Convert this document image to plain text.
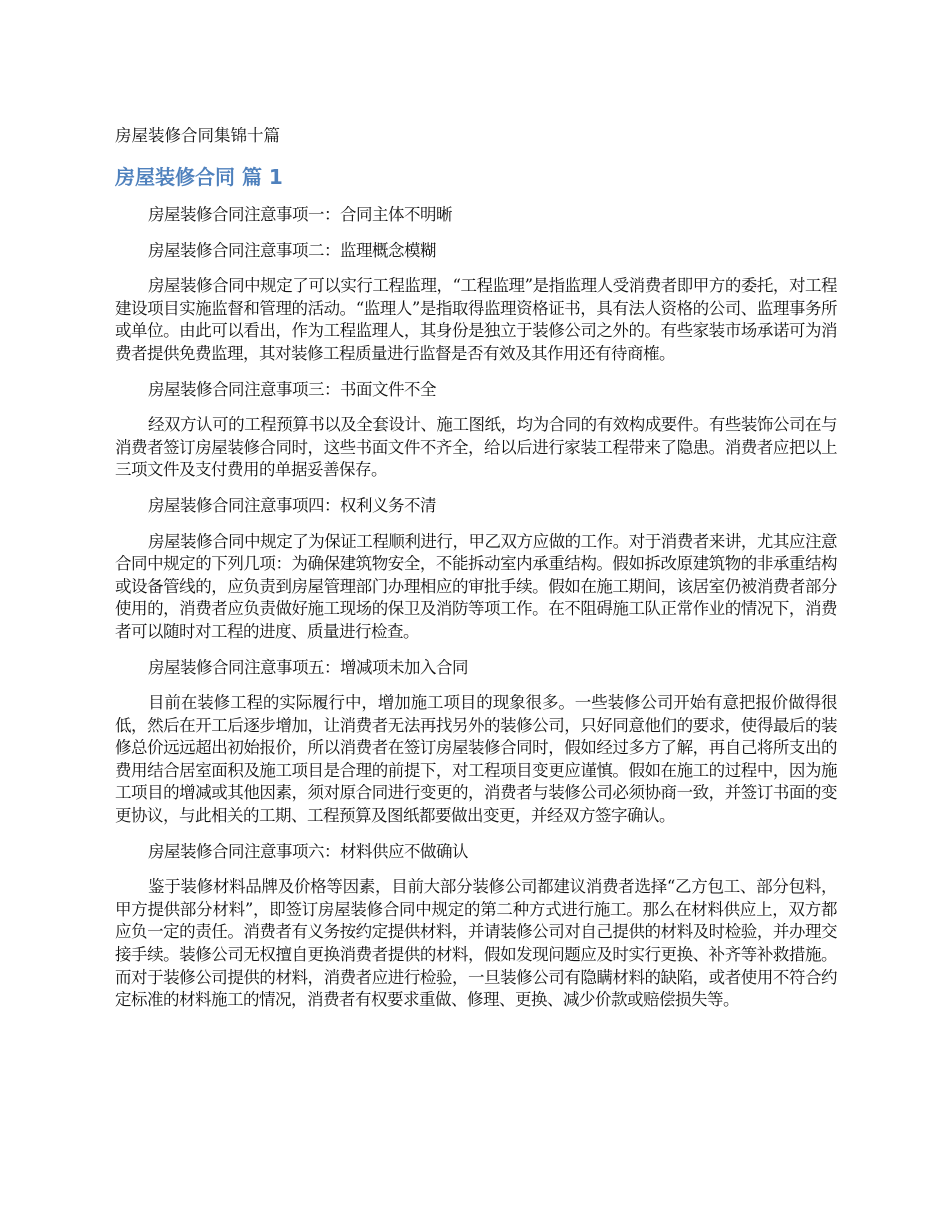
房屋装修合同集锦十篇

房屋装修合同 篇 1

房屋装修合同注意事项一：合同主体不明晰

房屋装修合同注意事项二：监理概念模糊

房屋装修合同中规定了可以实行工程监理，“工程监理”是指监理人受消费者即甲方的委托，对工程建设项目实施监督和管理的活动。“监理人”是指取得监理资格证书，具有法人资格的公司、监理事务所或单位。由此可以看出，作为工程监理人，其身份是独立于装修公司之外的。有些家装市场承诺可为消费者提供免费监理，其对装修工程质量进行监督是否有效及其作用还有待商榷。

房屋装修合同注意事项三：书面文件不全

经双方认可的工程预算书以及全套设计、施工图纸，均为合同的有效构成要件。有些装饰公司在与消费者签订房屋装修合同时，这些书面文件不齐全，给以后进行家装工程带来了隐患。消费者应把以上三项文件及支付费用的单据妥善保存。

房屋装修合同注意事项四：权利义务不清

房屋装修合同中规定了为保证工程顺利进行，甲乙双方应做的工作。对于消费者来讲，尤其应注意合同中规定的下列几项：为确保建筑物安全，不能拆动室内承重结构。假如拆改原建筑物的非承重结构或设备管线的，应负责到房屋管理部门办理相应的审批手续。假如在施工期间，该居室仍被消费者部分使用的，消费者应负责做好施工现场的保卫及消防等项工作。在不阻碍施工队正常作业的情况下，消费者可以随时对工程的进度、质量进行检查。

房屋装修合同注意事项五：增减项未加入合同

目前在装修工程的实际履行中，增加施工项目的现象很多。一些装修公司开始有意把报价做得很低，然后在开工后逐步增加，让消费者无法再找另外的装修公司，只好同意他们的要求，使得最后的装修总价远远超出初始报价，所以消费者在签订房屋装修合同时，假如经过多方了解，再自己将所支出的费用结合居室面积及施工项目是合理的前提下，对工程项目变更应谨慎。假如在施工的过程中，因为施工项目的增减或其他因素，须对原合同进行变更的，消费者与装修公司必须协商一致，并签订书面的变更协议，与此相关的工期、工程预算及图纸都要做出变更，并经双方签字确认。

房屋装修合同注意事项六：材料供应不做确认

鉴于装修材料品牌及价格等因素，目前大部分装修公司都建议消费者选择“乙方包工、部分包料，甲方提供部分材料”，即签订房屋装修合同中规定的第二种方式进行施工。那么在材料供应上，双方都应负一定的责任。消费者有义务按约定提供材料，并请装修公司对自己提供的材料及时检验，并办理交接手续。装修公司无权擅自更换消费者提供的材料，假如发现问题应及时实行更换、补齐等补救措施。而对于装修公司提供的材料，消费者应进行检验，一旦装修公司有隐瞒材料的缺陷，或者使用不符合约定标准的材料施工的情况，消费者有权要求重做、修理、更换、减少价款或赔偿损失等。
